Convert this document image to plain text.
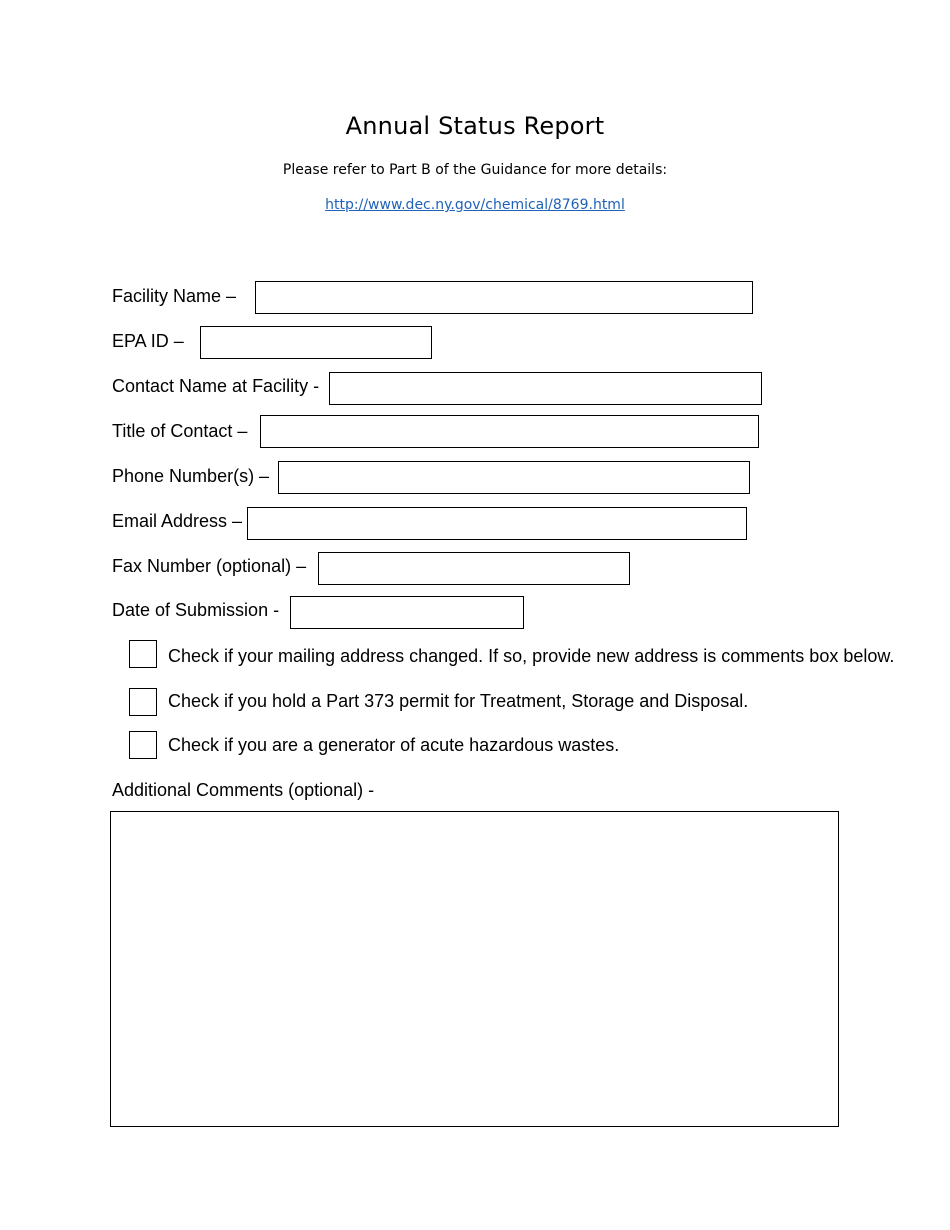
Annual Status Report
Please refer to Part B of the Guidance for more details:
http://www.dec.ny.gov/chemical/8769.html
Facility Name –
EPA ID –
Contact Name at Facility -
Title of Contact –
Phone Number(s) –
Email Address –
Fax Number (optional) –
Date of Submission -
Check if your mailing address changed. If so, provide new address is comments box below.
Check if you hold a Part 373 permit for Treatment, Storage and Disposal.
Check if you are a generator of acute hazardous wastes.
Additional Comments (optional) -
